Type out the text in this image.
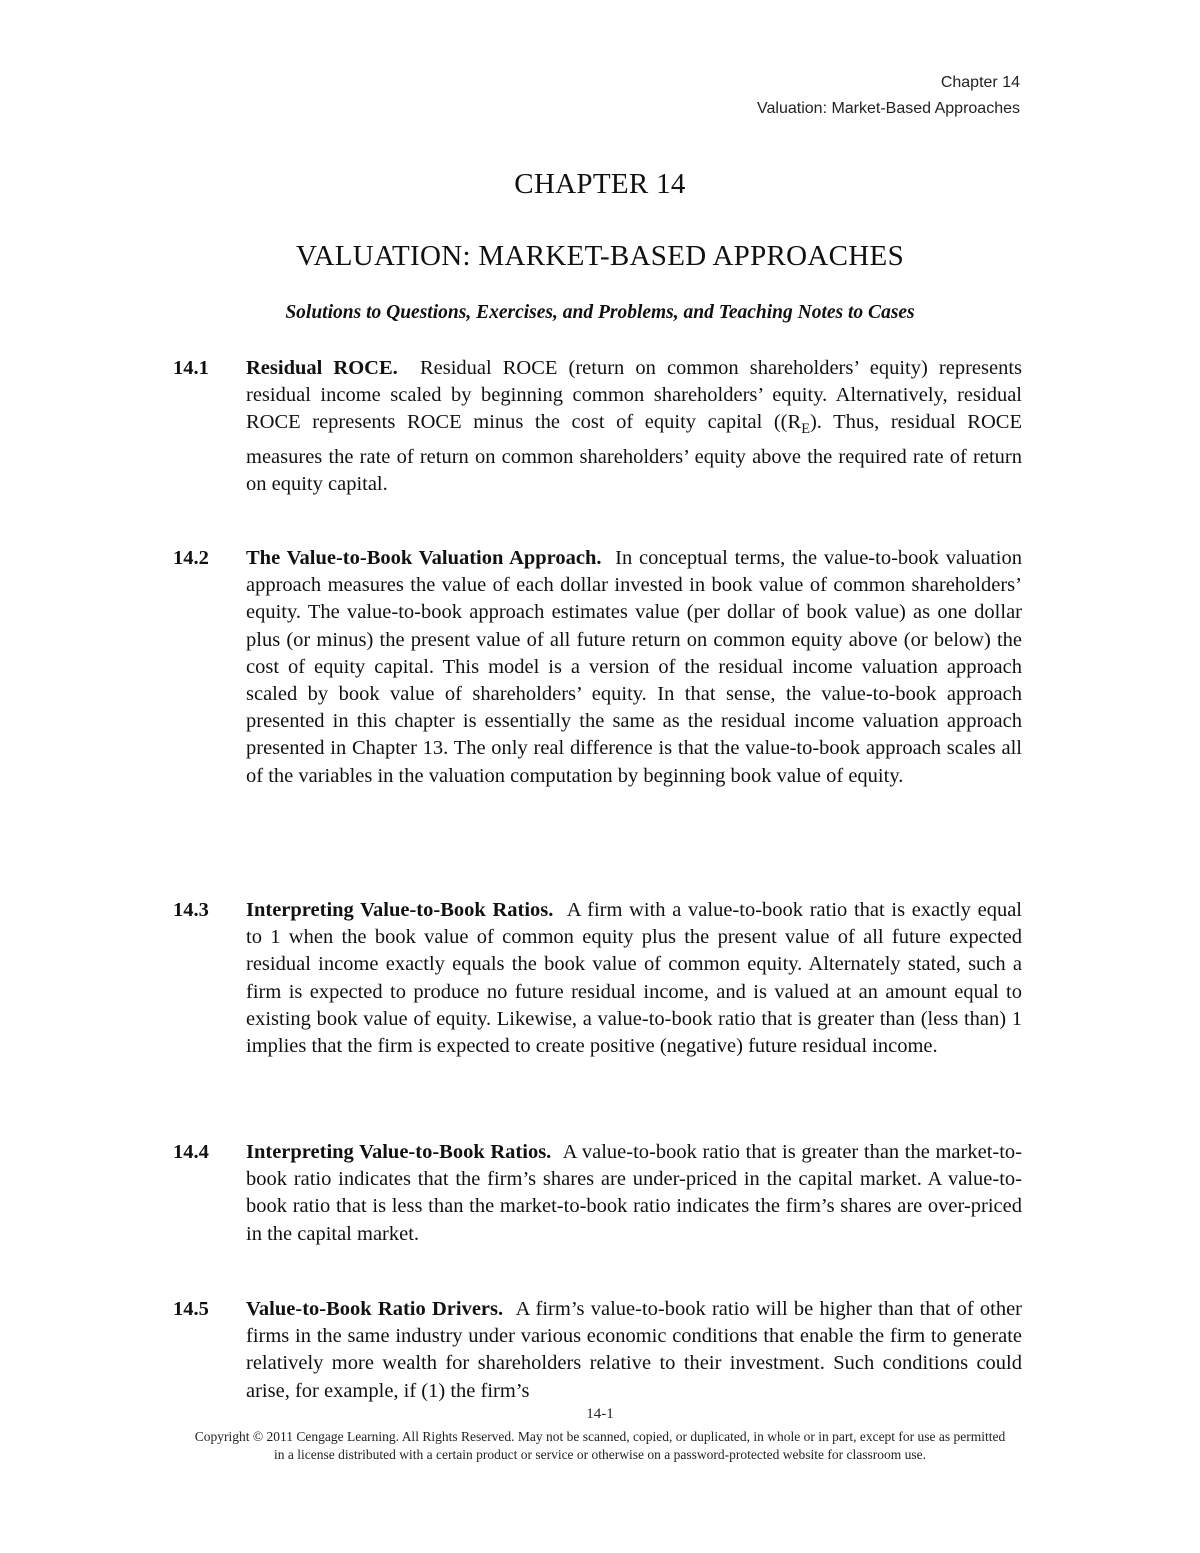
Chapter 14
Valuation: Market-Based Approaches
CHAPTER 14
VALUATION: MARKET-BASED APPROACHES

Solutions to Questions, Exercises, and Problems, and Teaching Notes to Cases

14.1 Residual ROCE. Residual ROCE (return on common shareholders’ equity) represents residual income scaled by beginning common shareholders’ equity. Alternatively, residual ROCE represents ROCE minus the cost of equity capital ($(R_E)$. Thus, residual ROCE measures the rate of return on common shareholders’ equity above the required rate of return on equity capital.
14.2 The Value-to-Book Valuation Approach. In conceptual terms, the value-to-book valuation approach measures the value of each dollar invested in book value of common shareholders’ equity. The value-to-book approach estimates value (per dollar of book value) as one dollar plus (or minus) the present value of all future return on common equity above (or below) the cost of equity capital. This model is a version of the residual income valuation approach scaled by book value of shareholders’ equity. In that sense, the value-to-book approach presented in this chapter is essentially the same as the residual income valuation approach presented in Chapter 13. The only real difference is that the value-to-book approach scales all of the variables in the valuation computation by beginning book value of equity.
14.3 Interpreting Value-to-Book Ratios. A firm with a value-to-book ratio that is exactly equal to 1 when the book value of common equity plus the present value of all future expected residual income exactly equals the book value of common equity. Alternately stated, such a firm is expected to produce no future residual income, and is valued at an amount equal to existing book value of equity. Likewise, a value-to-book ratio that is greater than (less than) 1 implies that the firm is expected to create positive (negative) future residual income.
14.4 Interpreting Value-to-Book Ratios. A value-to-book ratio that is greater than the market-to-book ratio indicates that the firm’s shares are under-priced in the capital market. A value-to-book ratio that is less than the market-to-book ratio indicates the firm’s shares are over-priced in the capital market.
14.5 Value-to-Book Ratio Drivers. A firm’s value-to-book ratio will be higher than that of other firms in the same industry under various economic conditions that enable the firm to generate relatively more wealth for shareholders relative to their investment. Such conditions could arise, for example, if (1) the firm’s
14-1
Copyright © 2011 Cengage Learning. All Rights Reserved. May not be scanned, copied, or duplicated, in whole or in part, except for use as permitted in a license distributed with a certain product or service or otherwise on a password-protected website for classroom use.
